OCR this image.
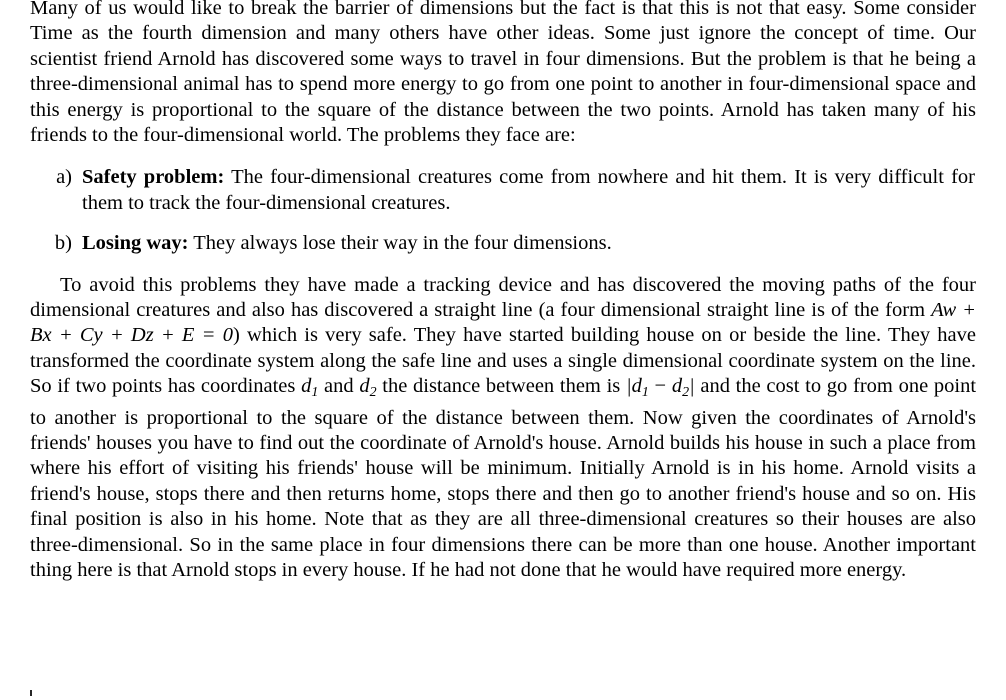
Many of us would like to break the barrier of dimensions but the fact is that this is not that easy. Some consider Time as the fourth dimension and many others have other ideas. Some just ignore the concept of time. Our scientist friend Arnold has discovered some ways to travel in four dimensions. But the problem is that he being a three-dimensional animal has to spend more energy to go from one point to another in four-dimensional space and this energy is proportional to the square of the distance between the two points. Arnold has taken many of his friends to the four-dimensional world. The problems they face are:

a) Safety problem: The four-dimensional creatures come from nowhere and hit them. It is very difficult for them to track the four-dimensional creatures.
b) Losing way: They always lose their way in the four dimensions.

To avoid this problems they have made a tracking device and has discovered the moving paths of the four dimensional creatures and also has discovered a straight line (a four dimensional straight line is of the form Aw + Bx + Cy + Dz + E = 0) which is very safe. They have started building house on or beside the line. They have transformed the coordinate system along the safe line and uses a single dimensional coordinate system on the line. So if two points has coordinates $d_1$ and $d_2$ the distance between them is $|d_1 - d_2|$ and the cost to go from one point to another is proportional to the square of the distance between them. Now given the coordinates of Arnold's friends' houses you have to find out the coordinate of Arnold's house. Arnold builds his house in such a place from where his effort of visiting his friends' house will be minimum. Initially Arnold is in his home. Arnold visits a friend's house, stops there and then returns home, stops there and then go to another friend's house and so on. His final position is also in his home. Note that as they are all three-dimensional creatures so their houses are also three-dimensional. So in the same place in four dimensions there can be more than one house. Another important thing here is that Arnold stops in every house. If he had not done that he would have required more energy.
